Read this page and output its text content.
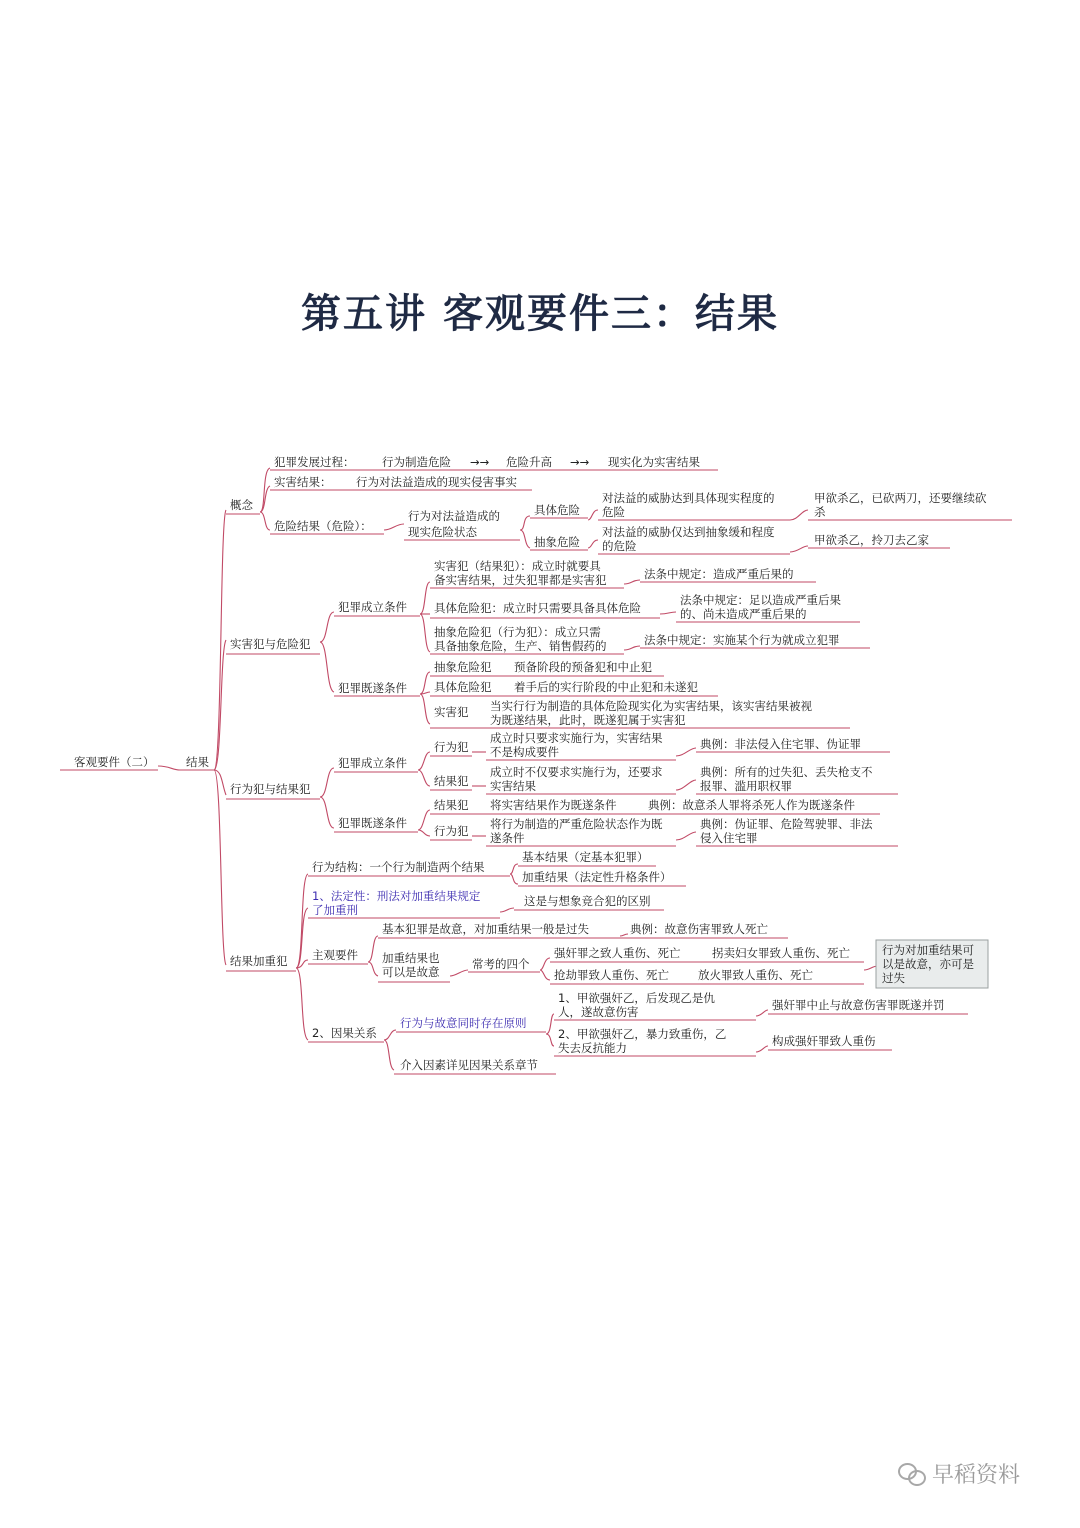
第五讲 客观要件三：结果
客观要件（二）	结果
概念
犯罪发展过程： 行为制造危险 →→ 危险升高 →→ 现实化为实害结果
实害结果： 行为对法益造成的现实侵害事实
危险结果（危险）：
行为对法益造成的
现实危险状态
具体危险
对法益的威胁达到具体现实程度的
危险
甲欲杀乙，已砍两刀，还要继续砍
杀
抽象危险
对法益的威胁仅达到抽象缓和程度
的危险	甲欲杀乙，拎刀去乙家
实害犯与危险犯
犯罪成立条件
实害犯（结果犯）：成立时就要具
备实害结果，过失犯罪都是实害犯	法条中规定：造成严重后果的
具体危险犯：成立时只需要具备具体危险
法条中规定：足以造成严重后果
的、尚未造成严重后果的
抽象危险犯（行为犯）：成立只需
具备抽象危险，生产、销售假药的	法条中规定：实施某个行为就成立犯罪
犯罪既遂条件
抽象危险犯 预备阶段的预备犯和中止犯
具体危险犯 着手后的实行阶段的中止犯和未遂犯
实害犯 当实行行为制造的具体危险现实化为实害结果，该实害结果被视
为既遂结果，此时，既遂犯属于实害犯
行为犯与结果犯
犯罪成立条件
行为犯
成立时只要求实施行为，实害结果
不是构成要件
典例：非法侵入住宅罪、伪证罪
结果犯
成立时不仅要求实施行为，还要求
实害结果
典例：所有的过失犯、丢失枪支不
报罪、滥用职权罪
犯罪既遂条件
结果犯 将实害结果作为既遂条件	典例：故意杀人罪将杀死人作为既遂条件
行为犯 将行为制造的严重危险状态作为既
遂条件
典例：伪证罪、危险驾驶罪、非法
侵入住宅罪
结果加重犯
行为结构：一个行为制造两个结果
基本结果（定基本犯罪）
加重结果（法定性升格条件）
1、法定性：刑法对加重结果规定
了加重刑
这是与想象竞合犯的区别
主观要件
基本犯罪是故意，对加重结果一般是过失	典例：故意伤害罪致人死亡
加重结果也
可以是故意
常考的四个
强奸罪之致人重伤、死亡	拐卖妇女罪致人重伤、死亡
抢劫罪致人重伤、死亡	放火罪致人重伤、死亡
行为对加重结果可
以是故意，亦可是
过失
2、因果关系
行为与故意同时存在原则
1、甲欲强奸乙，后发现乙是仇
人，遂故意伤害	强奸罪中止与故意伤害罪既遂并罚
2、甲欲强奸乙，暴力致重伤，乙
失去反抗能力	构成强奸罪致人重伤
介入因素详见因果关系章节
早稻资料
